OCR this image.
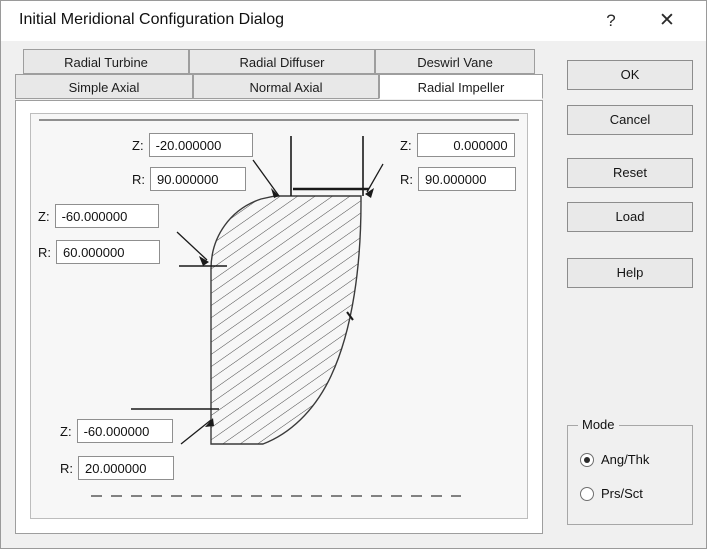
Initial Meridional Configuration Dialog	?	✕
Radial Turbine	Radial Diffuser	Deswirl Vane
Simple Axial	Normal Axial	Radial Impeller
Z:
-20.000000
R:
90.000000
Z:
0.000000
R:
90.000000
Z:
-60.000000
R:
60.000000
Z:
-60.000000
R:
20.000000
OK
Cancel
Reset
Load
Help
Mode
Ang/Thk
Prs/Sct
